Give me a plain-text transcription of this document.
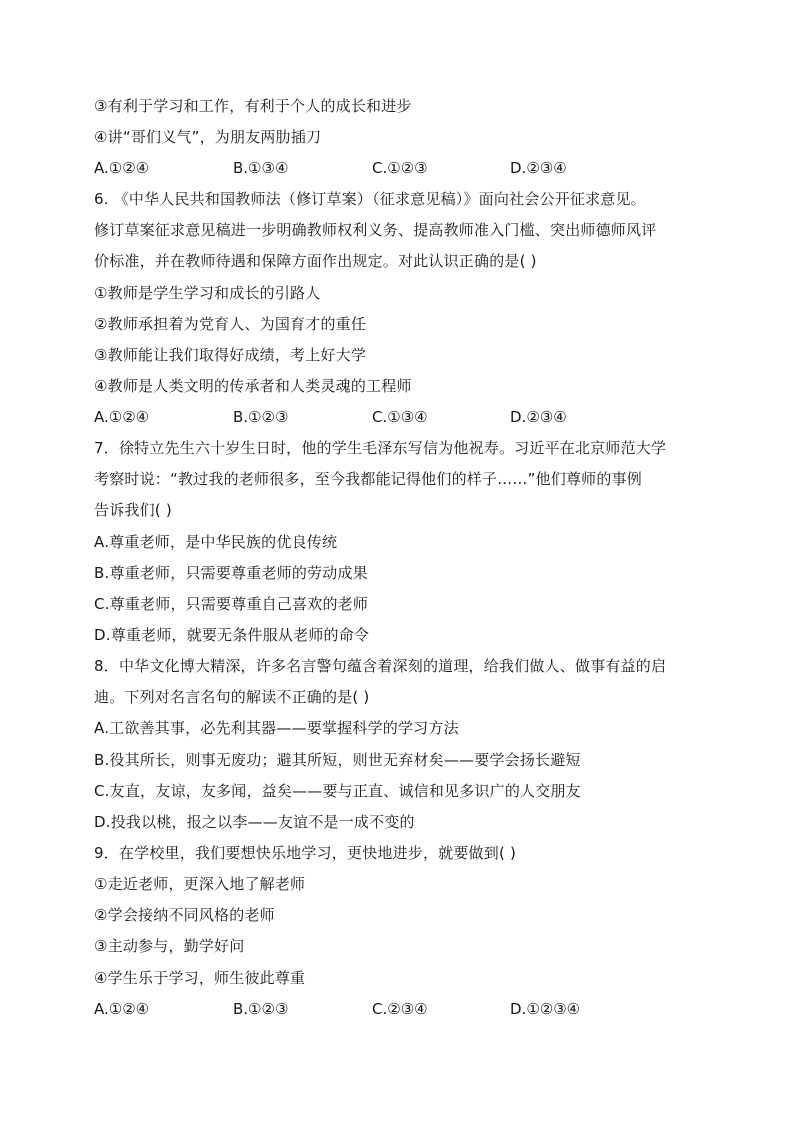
③有利于学习和工作，有利于个人的成长和进步
④讲“哥们义气”，为朋友两肋插刀
A.①②④	B.①③④	C.①②③	D.②③④
6. 《中华人民共和国教师法（修订草案）（征求意见稿）》面向社会公开征求意见。
修订草案征求意见稿进一步明确教师权利义务、提高教师准入门槛、突出师德师风评
价标准，并在教师待遇和保障方面作出规定。对此认识正确的是( )
①教师是学生学习和成长的引路人
②教师承担着为党育人、为国育才的重任
③教师能让我们取得好成绩，考上好大学
④教师是人类文明的传承者和人类灵魂的工程师
A.①②④	B.①②③	C.①③④	D.②③④
7．徐特立先生六十岁生日时，他的学生毛泽东写信为他祝寿。习近平在北京师范大学
考察时说：“教过我的老师很多，至今我都能记得他们的样子……”他们尊师的事例
告诉我们( )
A.尊重老师，是中华民族的优良传统
B.尊重老师，只需要尊重老师的劳动成果
C.尊重老师，只需要尊重自己喜欢的老师
D.尊重老师，就要无条件服从老师的命令
8．中华文化博大精深，许多名言警句蕴含着深刻的道理，给我们做人、做事有益的启
迪。下列对名言名句的解读不正确的是( )
A.工欲善其事，必先利其器——要掌握科学的学习方法
B.役其所长，则事无废功；避其所短，则世无弃材矣——要学会扬长避短
C.友直，友谅，友多闻，益矣——要与正直、诚信和见多识广的人交朋友
D.投我以桃，报之以李——友谊不是一成不变的
9．在学校里，我们要想快乐地学习，更快地进步，就要做到( )
①走近老师，更深入地了解老师
②学会接纳不同风格的老师
③主动参与，勤学好问
④学生乐于学习，师生彼此尊重
A.①②④	B.①②③	C.②③④	D.①②③④
